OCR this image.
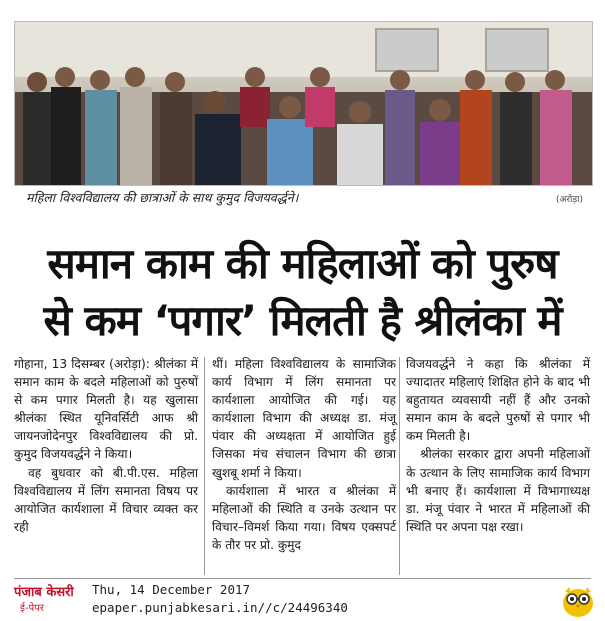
महिला विश्वविद्यालय की छात्राओं के साथ कुमुद विजयवर्द्धने।	(अरोड़ा)
समान काम की महिलाओं को पुरुष
से कम ‘पगार’ मिलती है श्रीलंका में

गोहाना, 13 दिसम्बर (अरोड़ा): श्रीलंका में समान काम के बदले महिलाओं को पुरुषों से कम पगार मिलती है। यह खुलासा श्रीलंका स्थित यूनिवर्सिटी आफ श्री जायनजोदेनपुर विश्वविद्यालय की प्रो. कुमुद विजयवर्द्धने ने किया।

वह बुधवार को बी.पी.एस. महिला विश्वविद्यालय में लिंग समानता विषय पर आयोजित कार्यशाला में विचार व्यक्त कर रही

थीं। महिला विश्वविद्यालय के सामाजिक कार्य विभाग में लिंग समानता पर कार्यशाला आयोजित की गई। यह कार्यशाला विभाग की अध्यक्ष डा. मंजू पंवार की अध्यक्षता में आयोजित हुई जिसका मंच संचालन विभाग की छात्रा खुशबू शर्मा ने किया।

कार्यशाला में भारत व श्रीलंका में महिलाओं की स्थिति व उनके उत्थान पर विचार–विमर्श किया गया। विषय एक्सपर्ट के तौर पर प्रो. कुमुद

विजयवर्द्धने ने कहा कि श्रीलंका में ज्यादातर महिलाएं शिक्षित होने के बाद भी बहुतायत व्यवसायी नहीं हैं और उनको समान काम के बदले पुरुषों से पगार भी कम मिलती है।

श्रीलंका सरकार द्वारा अपनी महिलाओं के उत्थान के लिए सामाजिक कार्य विभाग भी बनाए हैं। कार्यशाला में विभागाध्यक्ष डा. मंजू पंवार ने भारत में महिलाओं की स्थिति पर अपना पक्ष रखा।

पंजाब केसरी
ई-पेपर
Thu, 14 December 2017
epaper.punjabkesari.in//c/24496340
